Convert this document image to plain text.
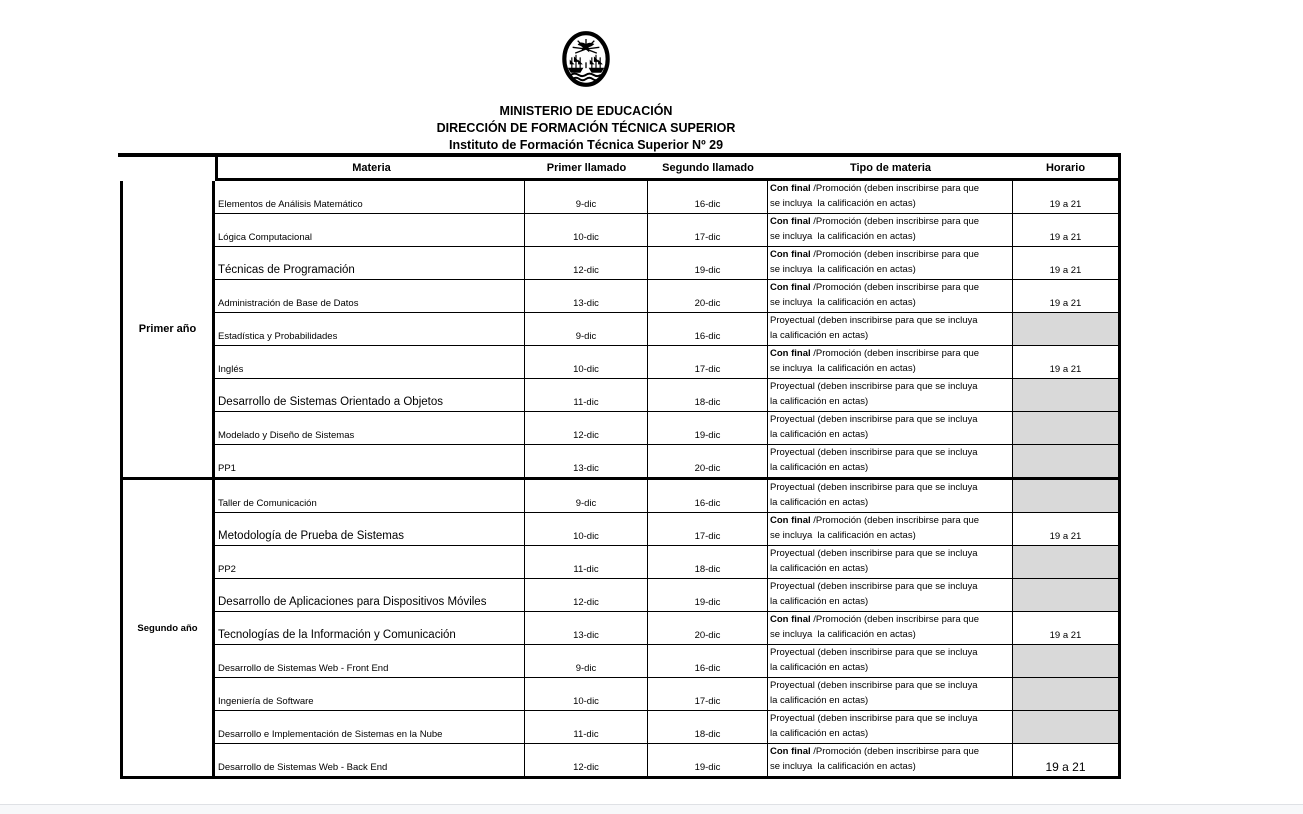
MINISTERIO DE EDUCACIÓN
DIRECCIÓN DE FORMACIÓN TÉCNICA SUPERIOR
Instituto de Formación Técnica Superior Nº 29
Materia	Primer llamado	Segundo llamado	Tipo de materia	Horario
Primer año
Elementos de Análisis Matemático	9-dic	16-dic
Con final /Promoción (deben inscribirse para que
se incluya  la calificación en actas)	19 a 21
Lógica Computacional	10-dic	17-dic
Con final /Promoción (deben inscribirse para que
se incluya  la calificación en actas)	19 a 21
Técnicas de Programación	12-dic	19-dic
Con final /Promoción (deben inscribirse para que
se incluya  la calificación en actas)	19 a 21
Administración de Base de Datos	13-dic	20-dic
Con final /Promoción (deben inscribirse para que
se incluya  la calificación en actas)	19 a 21
Estadística y Probabilidades	9-dic	16-dic
Proyectual (deben inscribirse para que se incluya
la calificación en actas)
Inglés	10-dic	17-dic
Con final /Promoción (deben inscribirse para que
se incluya  la calificación en actas)	19 a 21
Desarrollo de Sistemas Orientado a Objetos	11-dic	18-dic
Proyectual (deben inscribirse para que se incluya
la calificación en actas)
Modelado y Diseño de Sistemas	12-dic	19-dic
Proyectual (deben inscribirse para que se incluya
la calificación en actas)
PP1	13-dic	20-dic
Proyectual (deben inscribirse para que se incluya
la calificación en actas)
Segundo año
Taller de Comunicación	9-dic	16-dic
Proyectual (deben inscribirse para que se incluya
la calificación en actas)
Metodología de Prueba de Sistemas	10-dic	17-dic
Con final /Promoción (deben inscribirse para que
se incluya  la calificación en actas)	19 a 21
PP2	11-dic	18-dic
Proyectual (deben inscribirse para que se incluya
la calificación en actas)
Desarrollo de Aplicaciones para Dispositivos Móviles	12-dic	19-dic
Proyectual (deben inscribirse para que se incluya
la calificación en actas)
Tecnologías de la Información y Comunicación	13-dic	20-dic
Con final /Promoción (deben inscribirse para que
se incluya  la calificación en actas)	19 a 21
Desarrollo de Sistemas Web - Front End	9-dic	16-dic
Proyectual (deben inscribirse para que se incluya
la calificación en actas)
Ingeniería de Software	10-dic	17-dic
Proyectual (deben inscribirse para que se incluya
la calificación en actas)
Desarrollo e Implementación de Sistemas en la Nube	11-dic	18-dic
Proyectual (deben inscribirse para que se incluya
la calificación en actas)
Desarrollo de Sistemas Web - Back End	12-dic	19-dic
Con final /Promoción (deben inscribirse para que
se incluya  la calificación en actas)	19 a 21
